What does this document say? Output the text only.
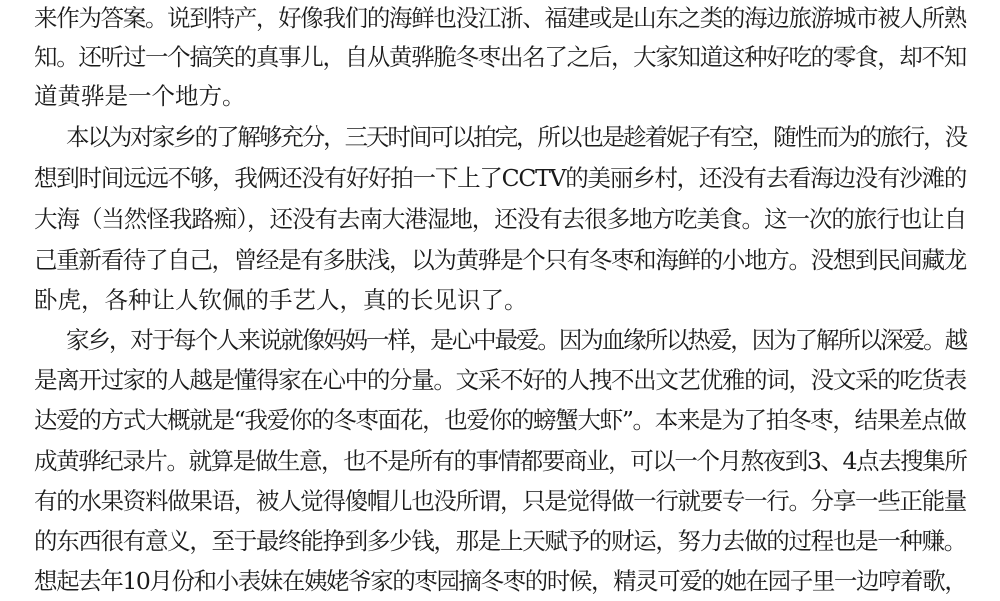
来作为答案。说到特产，好像我们的海鲜也没江浙、福建或是山东之类的海边旅游城市被人所熟
知。还听过一个搞笑的真事儿，自从黄骅脆冬枣出名了之后，大家知道这种好吃的零食，却不知
道黄骅是一个地方。
本以为对家乡的了解够充分，三天时间可以拍完，所以也是趁着妮子有空，随性而为的旅行，没
想到时间远远不够，我俩还没有好好拍一下上了CCTV的美丽乡村，还没有去看海边没有沙滩的
大海（当然怪我路痴），还没有去南大港湿地，还没有去很多地方吃美食。这一次的旅行也让自
己重新看待了自己，曾经是有多肤浅，以为黄骅是个只有冬枣和海鲜的小地方。没想到民间藏龙
卧虎，各种让人钦佩的手艺人，真的长见识了。
家乡，对于每个人来说就像妈妈一样，是心中最爱。因为血缘所以热爱，因为了解所以深爱。越
是离开过家的人越是懂得家在心中的分量。文采不好的人拽不出文艺优雅的词，没文采的吃货表
达爱的方式大概就是“我爱你的冬枣面花，也爱你的螃蟹大虾”。本来是为了拍冬枣，结果差点做
成黄骅纪录片。就算是做生意，也不是所有的事情都要商业，可以一个月熬夜到3、4点去搜集所
有的水果资料做果语，被人觉得傻帽儿也没所谓，只是觉得做一行就要专一行。分享一些正能量
的东西很有意义，至于最终能挣到多少钱，那是上天赋予的财运，努力去做的过程也是一种赚。
想起去年10月份和小表妹在姨姥爷家的枣园摘冬枣的时候，精灵可爱的她在园子里一边哼着歌，
